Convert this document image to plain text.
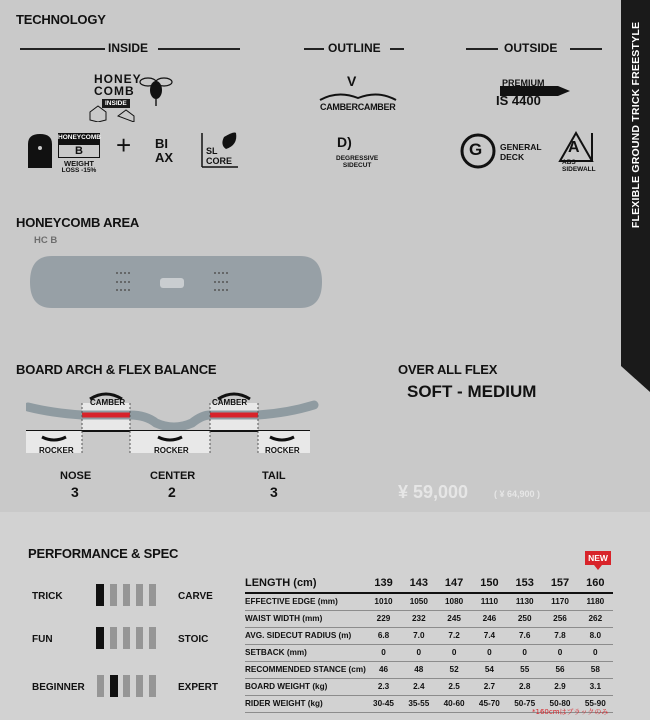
FLEXIBLE GROUND TRICK FREESTYLE
TECHNOLOGY
INSIDE	OUTLINE	OUTSIDE
HONEY
COMB
INSIDE
HONEYCOMB
B
WEIGHT
LOSS -15%
+ BI
AX	SL
CORE
V
CAMBERCAMBER
D)
DEGRESSIVE
SIDECUT
PREMIUM
IS 4400
G GENERAL
DECK
A
ABS
SIDEWALL
HONEYCOMB AREA
HC B
BOARD ARCH & FLEX BALANCE
CAMBER	CAMBER
ROCKER	ROCKER	ROCKER
NOSE
3
CENTER
2
TAIL
3
OVER ALL FLEX
SOFT - MEDIUM
¥ 59,000	( ¥ 64,900 )
PERFORMANCE & SPEC
TRICK	CARVE
FUN	STOIC
BEGINNER	EXPERT
NEW
LENGTH (cm)	139	143	147	150	153	157	160
EFFECTIVE EDGE (mm)	1010	1050	1080	1110	1130	1170	1180
WAIST WIDTH (mm)	229	232	245	246	250	256	262
AVG. SIDECUT RADIUS (m)	6.8	7.0	7.2	7.4	7.6	7.8	8.0
SETBACK (mm)	0	0	0	0	0	0	0
RECOMMENDED STANCE (cm)	46	48	52	54	55	56	58
BOARD WEIGHT (kg)	2.3	2.4	2.5	2.7	2.8	2.9	3.1
RIDER WEIGHT (kg)	30-45	35-55	40-60	45-70	50-75	50-80	55-90
*160cmはブラックのみ
